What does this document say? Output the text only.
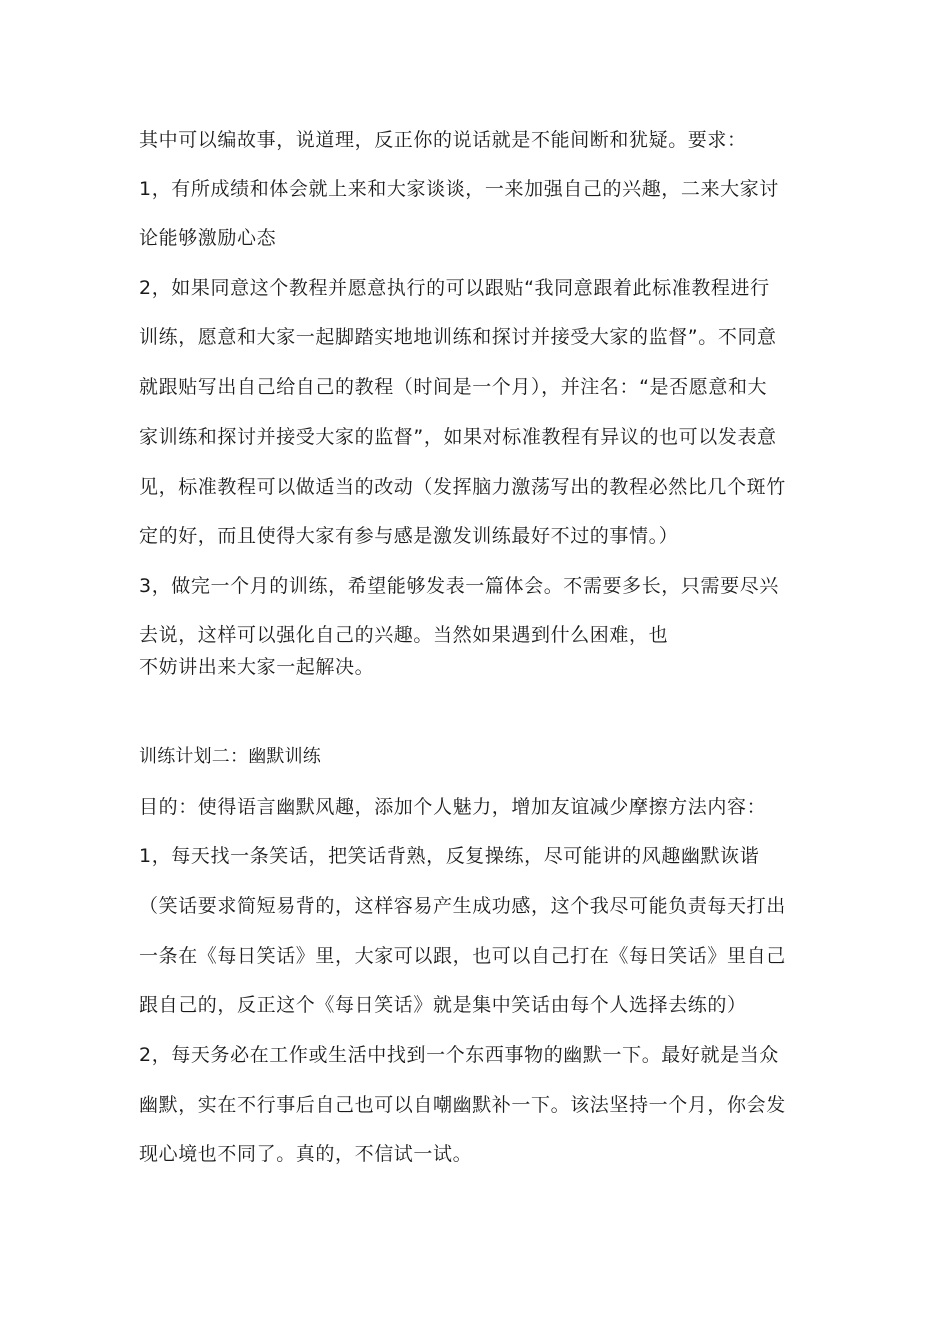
其中可以编故事，说道理，反正你的说话就是不能间断和犹疑。要求：
1，有所成绩和体会就上来和大家谈谈，一来加强自己的兴趣，二来大家讨
论能够激励心态
2，如果同意这个教程并愿意执行的可以跟贴“我同意跟着此标准教程进行
训练，愿意和大家一起脚踏实地地训练和探讨并接受大家的监督”。不同意
就跟贴写出自己给自己的教程（时间是一个月），并注名：“是否愿意和大
家训练和探讨并接受大家的监督”，如果对标准教程有异议的也可以发表意
见，标准教程可以做适当的改动（发挥脑力激荡写出的教程必然比几个斑竹
定的好，而且使得大家有参与感是激发训练最好不过的事情。）
3，做完一个月的训练，希望能够发表一篇体会。不需要多长，只需要尽兴
去说，这样可以强化自己的兴趣。当然如果遇到什么困难，也
不妨讲出来大家一起解决。
训练计划二：幽默训练
目的：使得语言幽默风趣，添加个人魅力，增加友谊减少摩擦方法内容：
1，每天找一条笑话，把笑话背熟，反复操练，尽可能讲的风趣幽默诙谐
（笑话要求简短易背的，这样容易产生成功感，这个我尽可能负责每天打出
一条在《每日笑话》里，大家可以跟，也可以自己打在《每日笑话》里自己
跟自己的，反正这个《每日笑话》就是集中笑话由每个人选择去练的）
2，每天务必在工作或生活中找到一个东西事物的幽默一下。最好就是当众
幽默，实在不行事后自己也可以自嘲幽默补一下。该法坚持一个月，你会发
现心境也不同了。真的，不信试一试。
